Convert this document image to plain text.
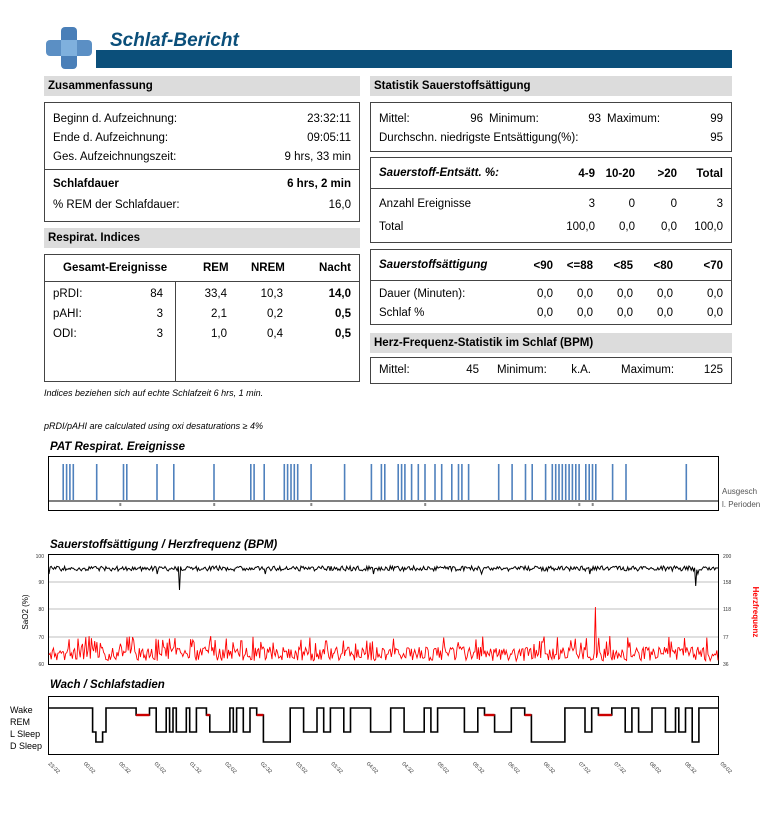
Schlaf-Bericht
Zusammenfassung
Beginn d. Aufzeichnung:	23:32:11
Ende d. Aufzeichnung:	09:05:11
Ges. Aufzeichnungszeit:	9 hrs, 33 min
Schlafdauer	6 hrs, 2 min
% REM der Schlafdauer:	16,0
Respirat. Indices
Gesamt-Ereignisse	REM NREM	Nacht
pRDI:	84	33,4	10,3	14,0
pAHI:	3	2,1	0,2	0,5
ODI:	3	1,0	0,4	0,5
Indices beziehen sich auf echte Schlafzeit 6 hrs, 1 min.
pRDI/pAHI are calculated using oxi desaturations ≥ 4%
Statistik Sauerstoffsättigung
Mittel:	96 Minimum:	93 Maximum:	99
Durchschn. niedrigste Entsättigung(%):	95
Sauerstoff-Entsätt. %:	4-9 10-20	>20 Total
Anzahl Ereignisse	3	0	0	3
Total	100,0	0,0	0,0 100,0
Sauerstoffsättigung	<90	<=88	<85	<80	<70
Dauer (Minuten):	0,0	0,0	0,0	0,0	0,0
Schlaf %	0,0	0,0	0,0	0,0	0,0
Herz-Frequenz-Statistik im Schlaf (BPM)
Mittel:	45 Minimum:	k.A.	Maximum:	125
PAT Respirat. Ereignisse
Ausgesch
l. Perioden
Sauerstoffsättigung / Herzfrequenz (BPM)
100
90
80
70
60
200
158
118
77
36
SaO2 (%)	Herzfrequenz
Wach / Schlafstadien
Wake
REM
L Sleep
D Sleep
23:32	00:02	00:32	01:02	01:32	02:02	02:32	03:02	03:32	04:02	04:32	05:02	05:32	06:02	06:32	07:02	07:32	08:02	08:32	09:02
